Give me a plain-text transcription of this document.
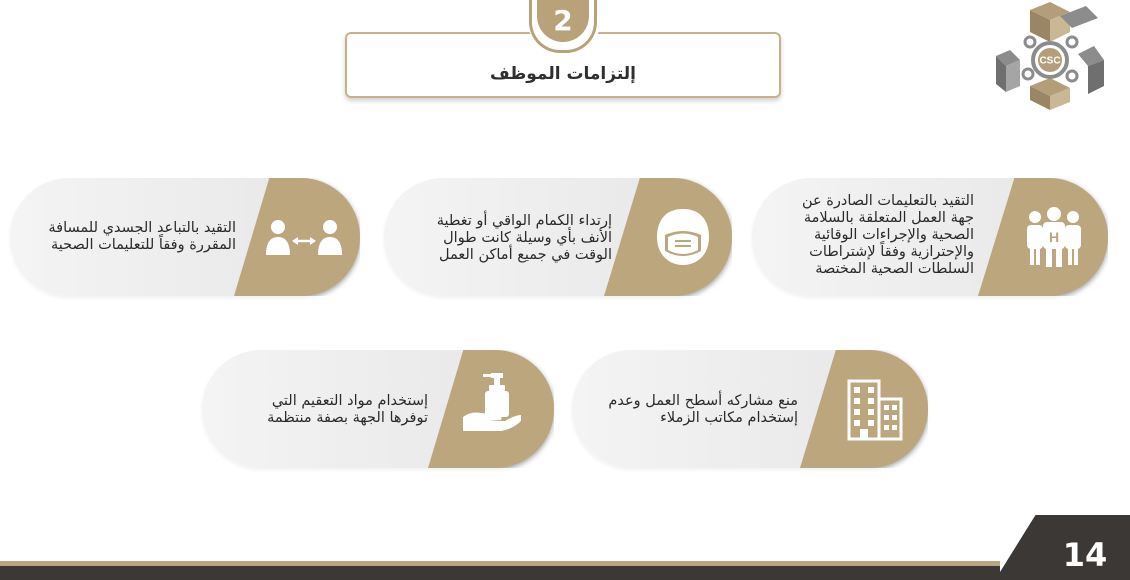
CSC
إلتزامات الموظف
2
H
التقيد بالتعليمات الصادرة عن
جهة العمل المتعلقة بالسلامة
الصحية والإجراءات الوقائية
والإحترازية وفقاً لإشتراطات
السلطات الصحية المختصة
إرتداء الكمام الواقي أو تغطية
الأنف بأي وسيلة كانت طوال
الوقت في جميع أماكن العمل
التقيد بالتباعد الجسدي للمسافة
المقررة وفقاً للتعليمات الصحية
منع مشاركه أسطح العمل وعدم
إستخدام مكاتب الزملاء
إستخدام مواد التعقيم التي
توفرها الجهة بصفة منتظمة
14
